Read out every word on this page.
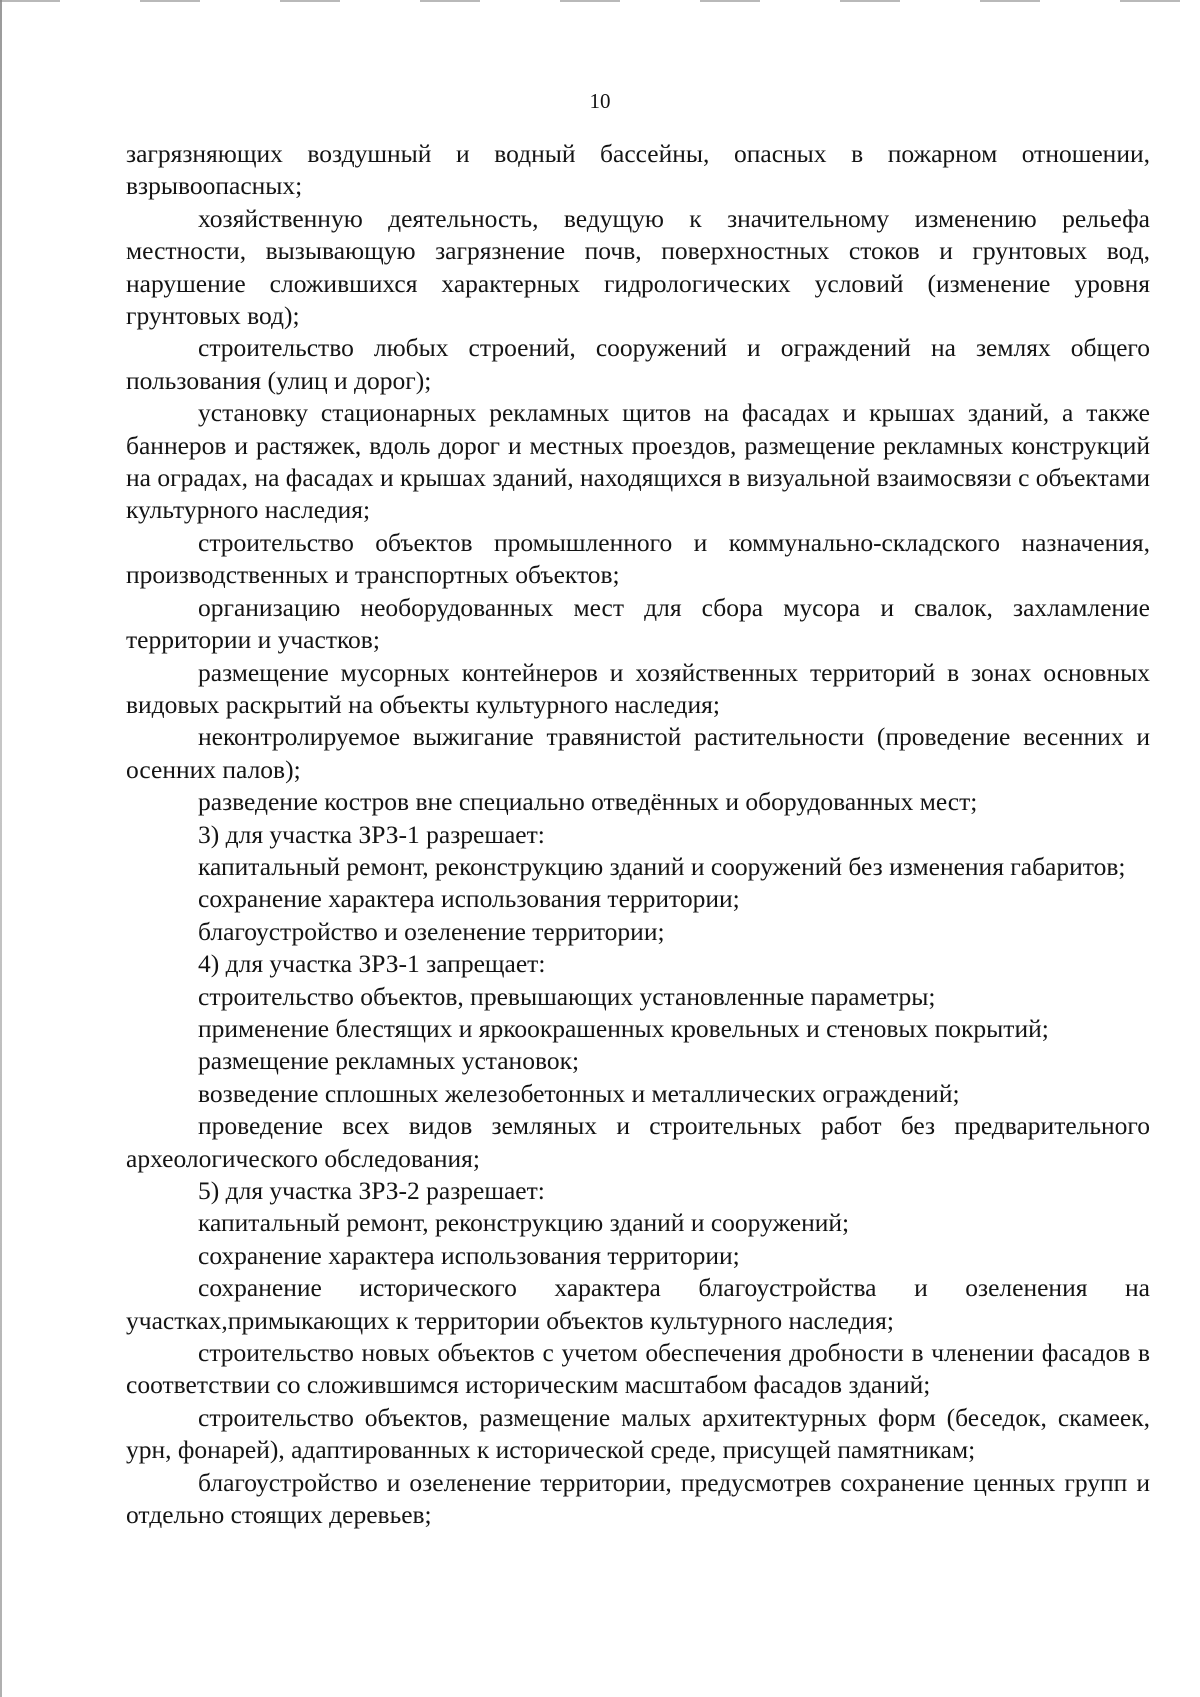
10

загрязняющих воздушный и водный бассейны, опасных в пожарном отношении, взрывоопасных;

хозяйственную деятельность, ведущую к значительному изменению рельефа местности, вызывающую загрязнение почв, поверхностных стоков и грунтовых вод, нарушение сложившихся характерных гидрологических условий (изменение уровня грунтовых вод);

строительство любых строений, сооружений и ограждений на землях общего пользования (улиц и дорог);

установку стационарных рекламных щитов на фасадах и крышах зданий, а также баннеров и растяжек, вдоль дорог и местных проездов, размещение рекламных конструкций на оградах, на фасадах и крышах зданий, находящихся в визуальной взаимосвязи с объектами культурного наследия;

строительство объектов промышленного и коммунально-складского назначения, производственных и транспортных объектов;

организацию необорудованных мест для сбора мусора и свалок, захламление территории и участков;

размещение мусорных контейнеров и хозяйственных территорий в зонах основных видовых раскрытий на объекты культурного наследия;

неконтролируемое выжигание травянистой растительности (проведение весенних и осенних палов);

разведение костров вне специально отведённых и оборудованных мест;

3) для участка ЗРЗ-1 разрешает:

капитальный ремонт, реконструкцию зданий и сооружений без изменения габаритов;

сохранение характера использования территории;

благоустройство и озеленение территории;

4) для участка ЗРЗ-1 запрещает:

строительство объектов, превышающих установленные параметры;

применение блестящих и яркоокрашенных кровельных и стеновых покрытий;

размещение рекламных установок;

возведение сплошных железобетонных и металлических ограждений;

проведение всех видов земляных и строительных работ без предварительного археологического обследования;

5) для участка ЗРЗ-2 разрешает:

капитальный ремонт, реконструкцию зданий и сооружений;

сохранение характера использования территории;

сохранение исторического характера благоустройства и озеленения на участках,примыкающих к территории объектов культурного наследия;

строительство новых объектов с учетом обеспечения дробности в членении фасадов в соответствии со сложившимся историческим масштабом фасадов зданий;

строительство объектов, размещение малых архитектурных форм (беседок, скамеек, урн, фонарей), адаптированных к исторической среде, присущей памятникам;

благоустройство и озеленение территории, предусмотрев сохранение ценных групп и отдельно стоящих деревьев;
